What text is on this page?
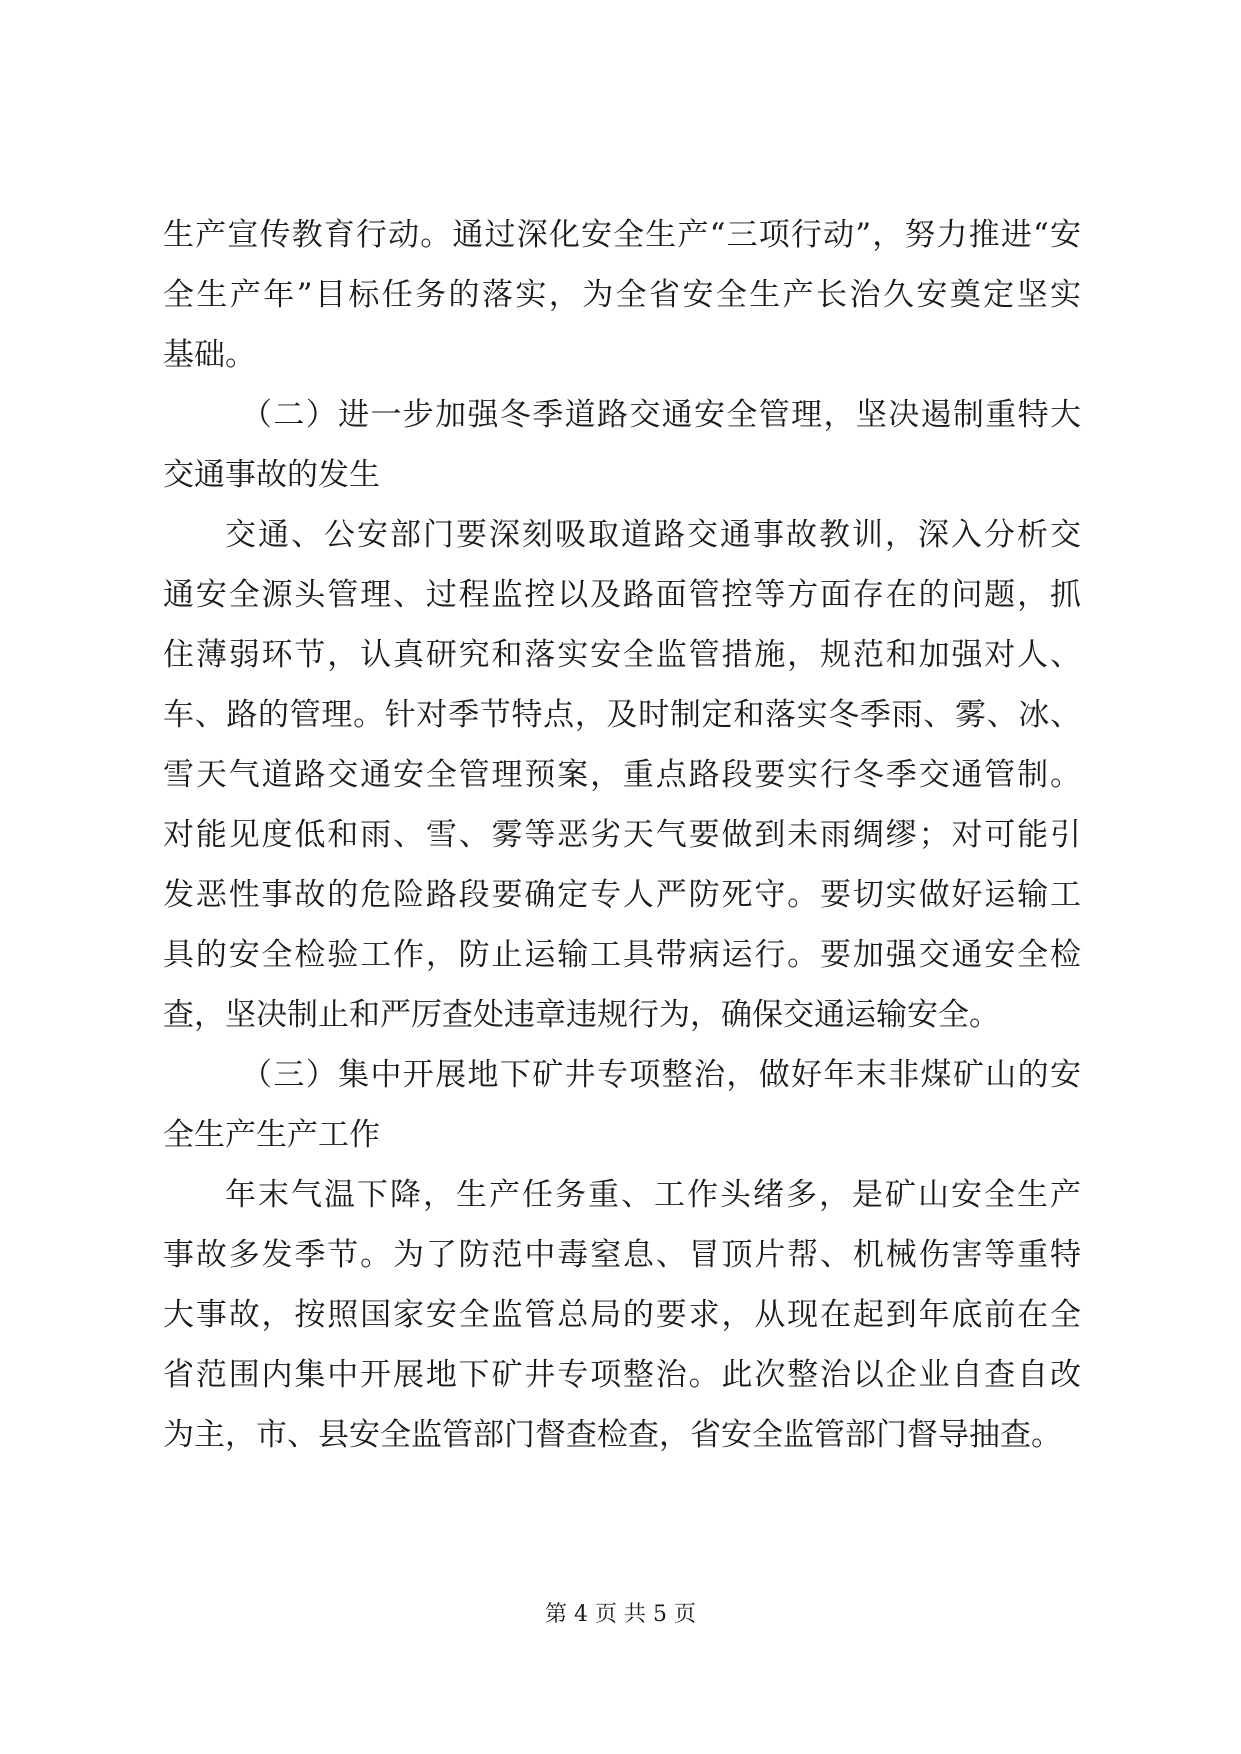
生产宣传教育行动。通过深化安全生产“三项行动”，努力推进“安
全生产年”目标任务的落实，为全省安全生产长治久安奠定坚实
基础。
（二）进一步加强冬季道路交通安全管理，坚决遏制重特大
交通事故的发生
交通、公安部门要深刻吸取道路交通事故教训，深入分析交
通安全源头管理、过程监控以及路面管控等方面存在的问题，抓
住薄弱环节，认真研究和落实安全监管措施，规范和加强对人、
车、路的管理。针对季节特点，及时制定和落实冬季雨、雾、冰、
雪天气道路交通安全管理预案，重点路段要实行冬季交通管制。
对能见度低和雨、雪、雾等恶劣天气要做到未雨绸缪；对可能引
发恶性事故的危险路段要确定专人严防死守。要切实做好运输工
具的安全检验工作，防止运输工具带病运行。要加强交通安全检
查，坚决制止和严厉查处违章违规行为，确保交通运输安全。
（三）集中开展地下矿井专项整治，做好年末非煤矿山的安
全生产生产工作
年末气温下降，生产任务重、工作头绪多，是矿山安全生产
事故多发季节。为了防范中毒窒息、冒顶片帮、机械伤害等重特
大事故，按照国家安全监管总局的要求，从现在起到年底前在全
省范围内集中开展地下矿井专项整治。此次整治以企业自查自改
为主，市、县安全监管部门督查检查，省安全监管部门督导抽查。
第 4 页 共 5 页
